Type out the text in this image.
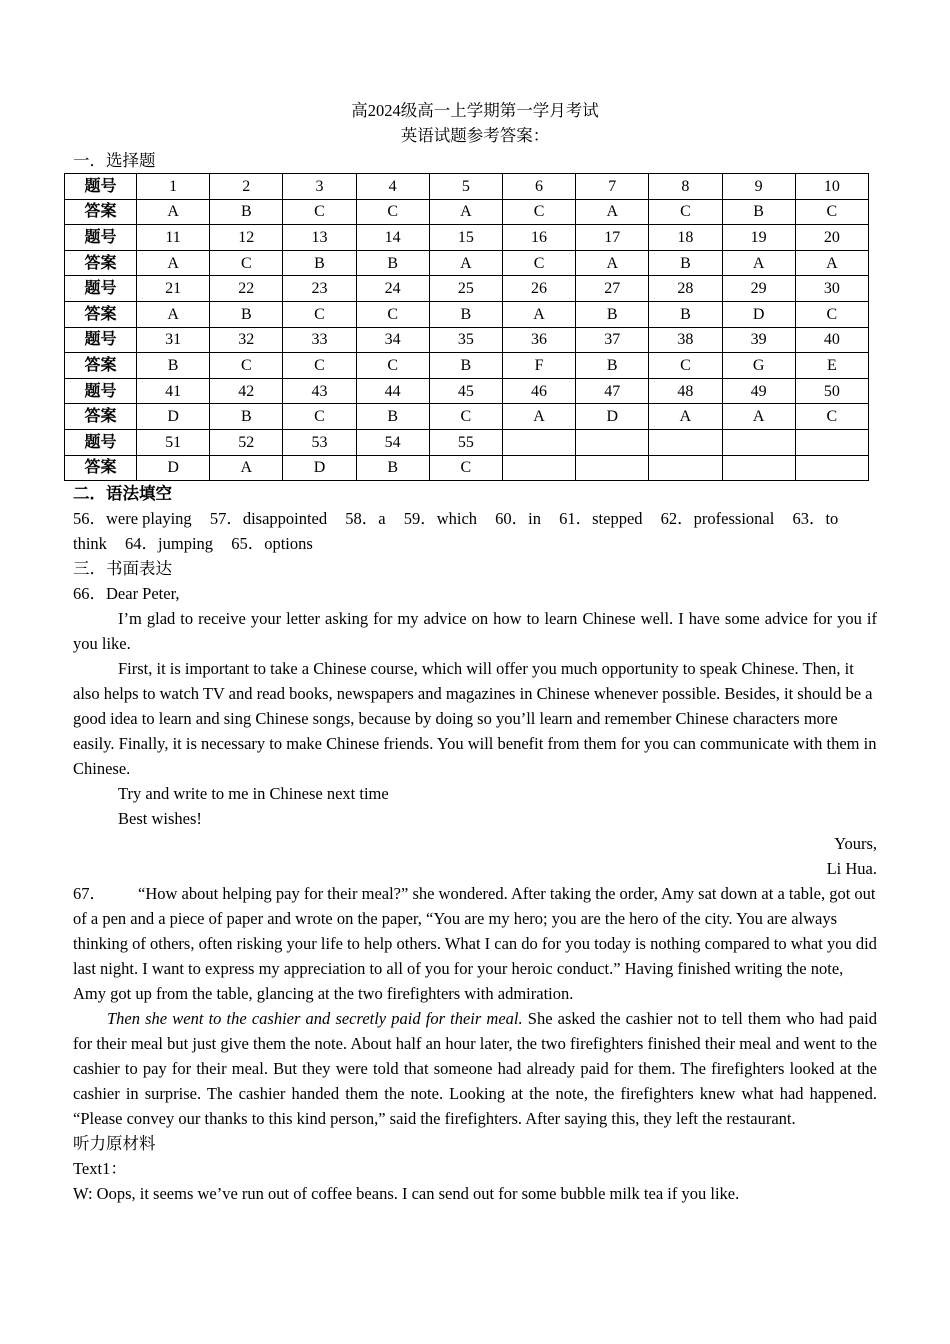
高2024级高一上学期第一学月考试
英语试题参考答案：
一．选择题
题号	1	2	3	4	5	6	7	8	9	10
答案	A	B	C	C	A	C	A	C	B	C
题号	11	12	13	14	15	16	17	18	19	20
答案	A	C	B	B	A	C	A	B	A	A
题号	21	22	23	24	25	26	27	28	29	30
答案	A	B	C	C	B	A	B	B	D	C
题号	31	32	33	34	35	36	37	38	39	40
答案	B	C	C	C	B	F	B	C	G	E
题号	41	42	43	44	45	46	47	48	49	50
答案	D	B	C	B	C	A	D	A	A	C
题号	51	52	53	54	55					
答案	D	A	D	B	C					
二．语法填空
56．were playing 57．disappointed 58．a 59．which 60．in 61．stepped 62．professional 63．to
think 64．jumping 65．options
三．书面表达
66．Dear Peter,

I’m glad to receive your letter asking for my advice on how to learn Chinese well. I have some advice for you if you like.

First, it is important to take a Chinese course, which will offer you much opportunity to speak Chinese. Then, it also helps to watch TV and read books, newspapers and magazines in Chinese whenever possible. Besides, it should be a good idea to learn and sing Chinese songs, because by doing so you’ll learn and remember Chinese characters more easily. Finally, it is necessary to make Chinese friends. You will benefit from them for you can communicate with them in Chinese.

Try and write to me in Chinese next time

Best wishes!

Yours,
Li Hua.

67． “How about helping pay for their meal?” she wondered. After taking the order, Amy sat down at a table, got out of a pen and a piece of paper and wrote on the paper, “You are my hero; you are the hero of the city. You are always thinking of others, often risking your life to help others. What I can do for you today is nothing compared to what you did last night. I want to express my appreciation to all of you for your heroic conduct.” Having finished writing the note, Amy got up from the table, glancing at the two firefighters with admiration.

Then she went to the cashier and secretly paid for their meal. She asked the cashier not to tell them who had paid for their meal but just give them the note. About half an hour later, the two firefighters finished their meal and went to the cashier to pay for their meal. But they were told that someone had already paid for them. The firefighters looked at the cashier in surprise. The cashier handed them the note. Looking at the note, the firefighters knew what had happened. “Please convey our thanks to this kind person,” said the firefighters. After saying this, they left the restaurant.

听力原材料
Text1：
W: Oops, it seems we’ve run out of coffee beans. I can send out for some bubble milk tea if you like.
